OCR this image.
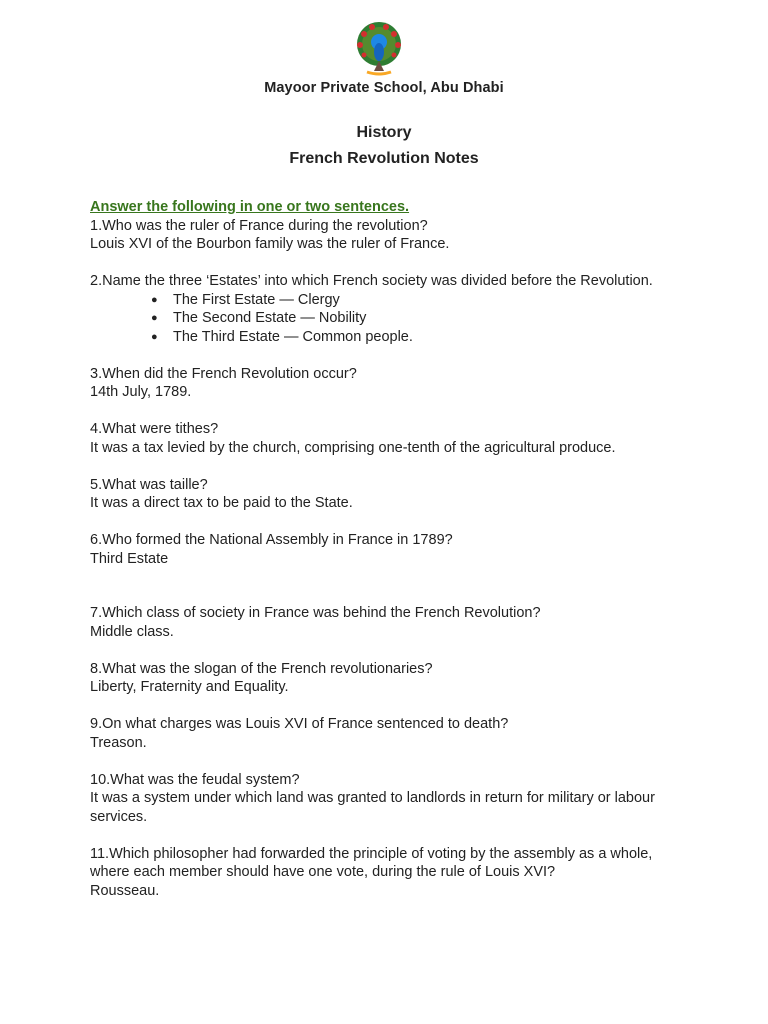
Mayoor Private School, Abu Dhabi
History
French Revolution Notes
Answer the following in one or two sentences.
1.Who was the ruler of France during the revolution?
Louis XVI of the Bourbon family was the ruler of France.
2.Name the three ‘Estates’ into which French society was divided before the Revolution.
● The First Estate — Clergy
● The Second Estate — Nobility
● The Third Estate — Common people.
3.When did the French Revolution occur?
14th July, 1789.
4.What were tithes?
It was a tax levied by the church, comprising one-tenth of the agricultural produce.
5.What was taille?
It was a direct tax to be paid to the State.
6.Who formed the National Assembly in France in 1789?
Third Estate
7.Which class of society in France was behind the French Revolution?
Middle class.
8.What was the slogan of the French revolutionaries?
Liberty, Fraternity and Equality.
9.On what charges was Louis XVI of France sentenced to death?
Treason.
10.What was the feudal system?
It was a system under which land was granted to landlords in return for military or labour services.
11.Which philosopher had forwarded the principle of voting by the assembly as a whole, where each member should have one vote, during the rule of Louis XVI?
Rousseau.
